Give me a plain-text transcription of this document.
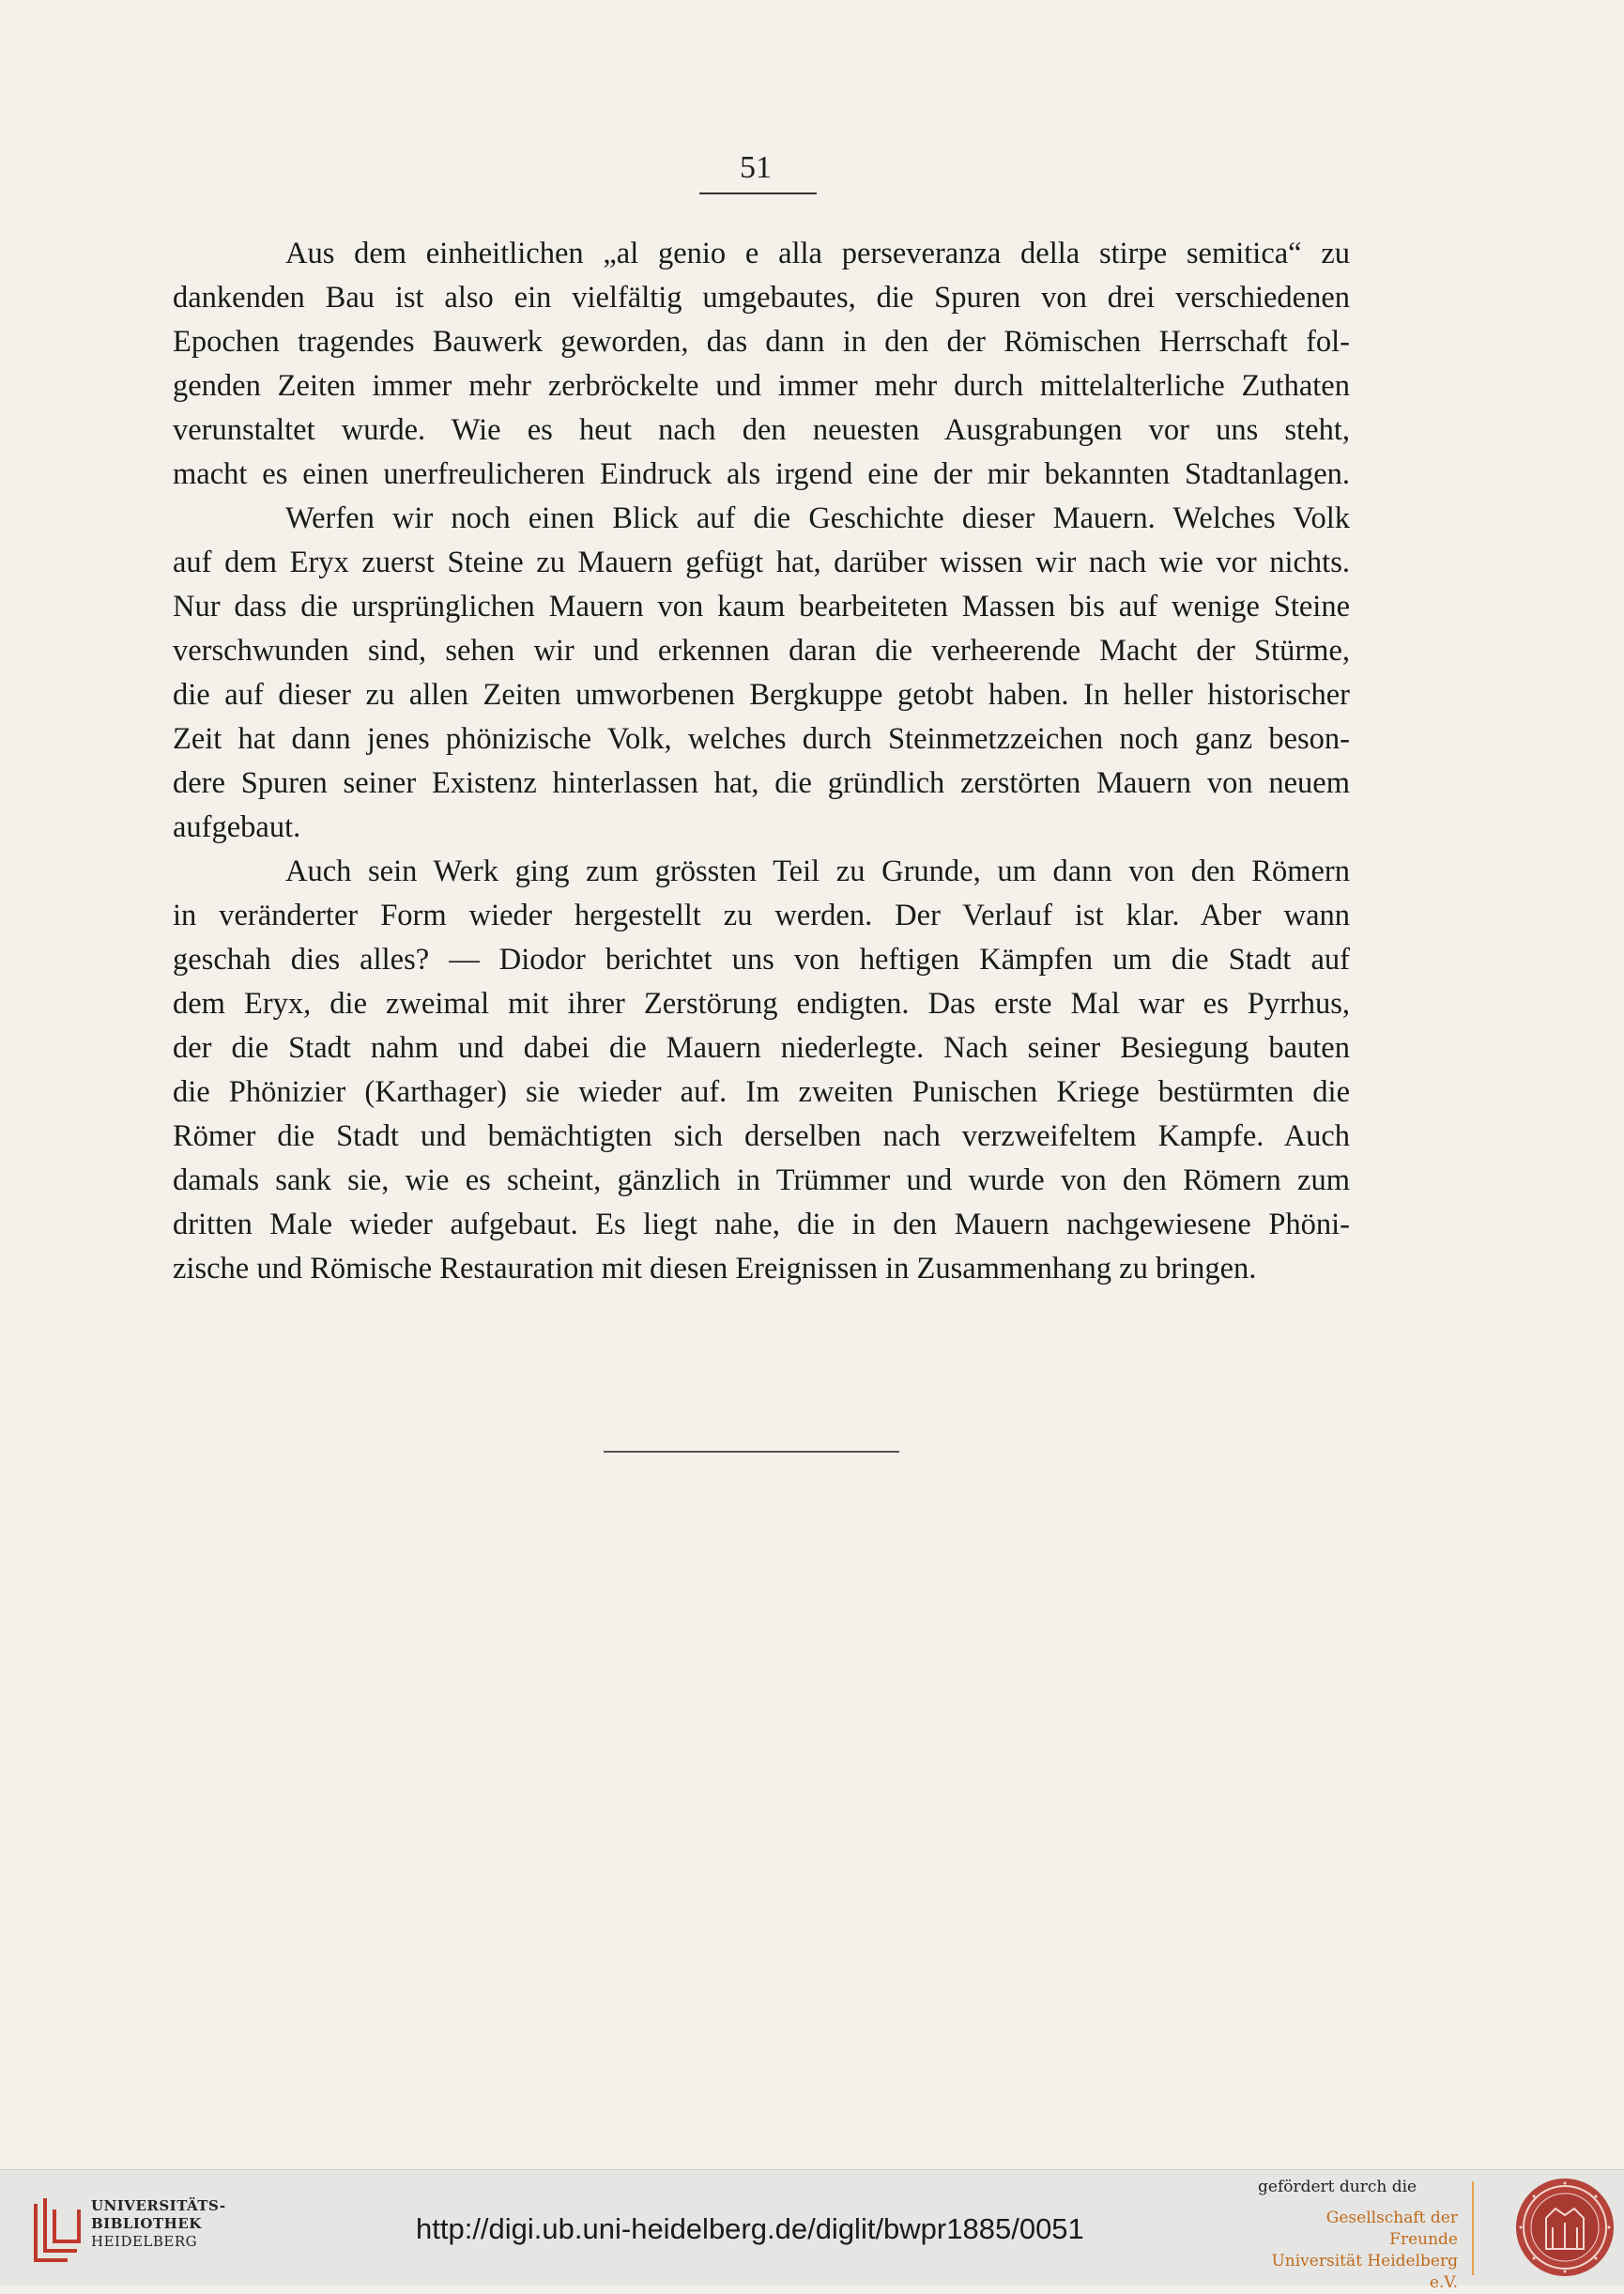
51
Aus dem einheitlichen „al genio e alla perseveranza della stirpe semitica“ zu
dankenden Bau ist also ein vielfältig umgebautes, die Spuren von drei verschiedenen
Epochen tragendes Bauwerk geworden, das dann in den der Römischen Herrschaft fol-
genden Zeiten immer mehr zerbröckelte und immer mehr durch mittelalterliche Zuthaten
verunstaltet wurde. Wie es heut nach den neuesten Ausgrabungen vor uns steht,
macht es einen unerfreulicheren Eindruck als irgend eine der mir bekannten Stadtanlagen.
Werfen wir noch einen Blick auf die Geschichte dieser Mauern. Welches Volk
auf dem Eryx zuerst Steine zu Mauern gefügt hat, darüber wissen wir nach wie vor nichts.
Nur dass die ursprünglichen Mauern von kaum bearbeiteten Massen bis auf wenige Steine
verschwunden sind, sehen wir und erkennen daran die verheerende Macht der Stürme,
die auf dieser zu allen Zeiten umworbenen Bergkuppe getobt haben. In heller historischer
Zeit hat dann jenes phönizische Volk, welches durch Steinmetzzeichen noch ganz beson-
dere Spuren seiner Existenz hinterlassen hat, die gründlich zerstörten Mauern von neuem
aufgebaut.
Auch sein Werk ging zum grössten Teil zu Grunde, um dann von den Römern
in veränderter Form wieder hergestellt zu werden. Der Verlauf ist klar. Aber wann
geschah dies alles? — Diodor berichtet uns von heftigen Kämpfen um die Stadt auf
dem Eryx, die zweimal mit ihrer Zerstörung endigten. Das erste Mal war es Pyrrhus,
der die Stadt nahm und dabei die Mauern niederlegte. Nach seiner Besiegung bauten
die Phönizier (Karthager) sie wieder auf. Im zweiten Punischen Kriege bestürmten die
Römer die Stadt und bemächtigten sich derselben nach verzweifeltem Kampfe. Auch
damals sank sie, wie es scheint, gänzlich in Trümmer und wurde von den Römern zum
dritten Male wieder aufgebaut. Es liegt nahe, die in den Mauern nachgewiesene Phöni-
zische und Römische Restauration mit diesen Ereignissen in Zusammenhang zu bringen.
UNIVERSITÄTS-
BIBLIOTHEK
HEIDELBERG	http://digi.ub.uni-heidelberg.de/diglit/bwpr1885/0051
gefördert durch die
Gesellschaft der Freunde
Universität Heidelberg e.V.
